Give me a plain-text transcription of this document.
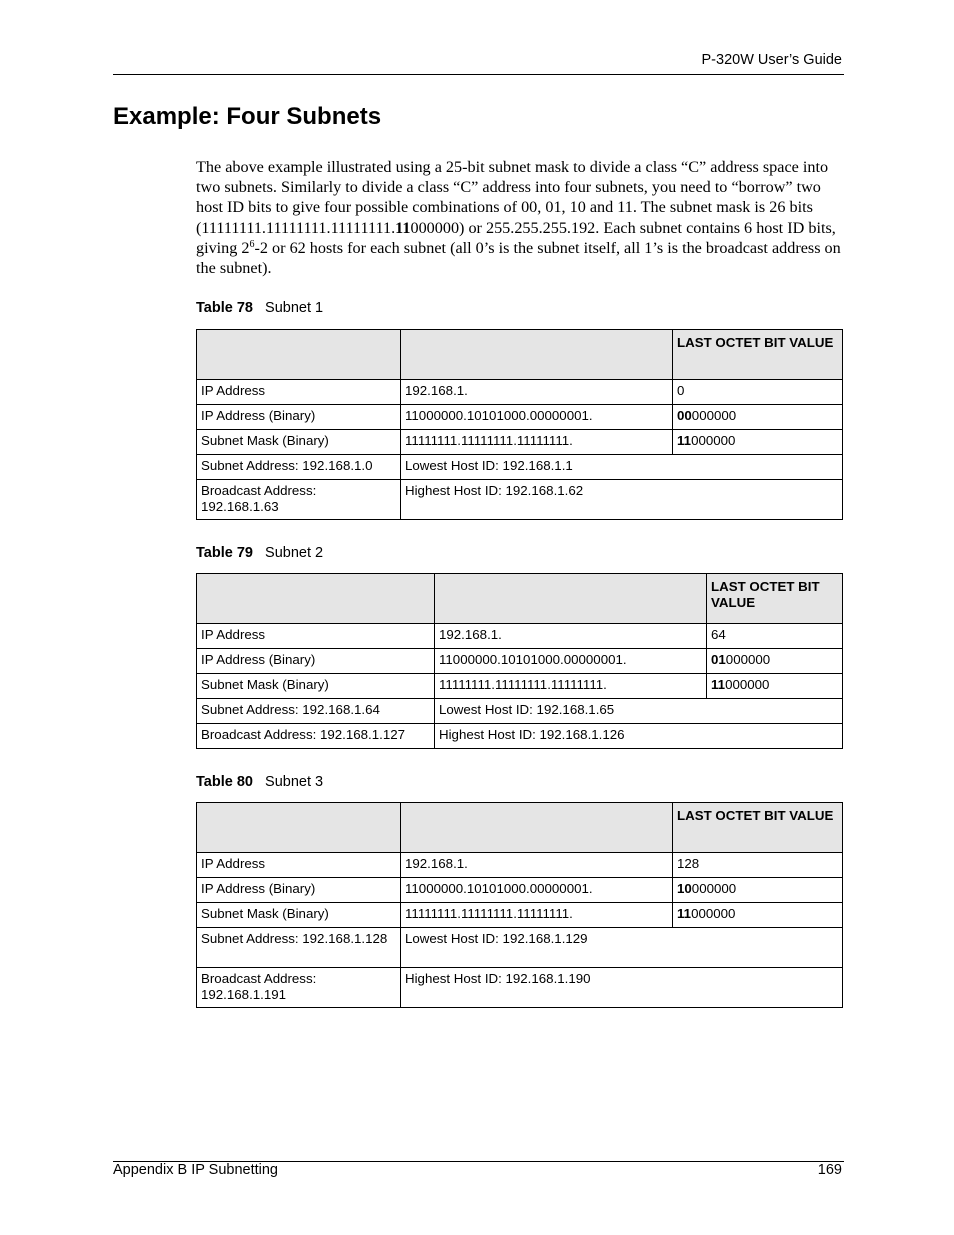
P-320W User’s Guide
Example: Four Subnets

The above example illustrated using a 25-bit subnet mask to divide a class “C” address space into two subnets. Similarly to divide a class “C” address into four subnets, you need to “borrow” two host ID bits to give four possible combinations of 00, 01, 10 and 11. The subnet mask is 26 bits (11111111.11111111.11111111.11000000) or 255.255.255.192. Each subnet contains 6 host ID bits, giving $2^6-2$ or 62 hosts for each subnet (all 0’s is the subnet itself, all 1’s is the broadcast address on the subnet).

Table 78 Subnet 1
		LAST OCTET BIT VALUE
IP Address	192.168.1.	0
IP Address (Binary)	11000000.10101000.00000001.	00000000
Subnet Mask (Binary)	11111111.11111111.11111111.	11000000
Subnet Address: 192.168.1.0	Lowest Host ID: 192.168.1.1	
Broadcast Address: 192.168.1.63	Highest Host ID: 192.168.1.62	
Table 79 Subnet 2
		LAST OCTET BIT VALUE
IP Address	192.168.1.	64
IP Address (Binary)	11000000.10101000.00000001.	01000000
Subnet Mask (Binary)	11111111.11111111.11111111.	11000000
Subnet Address: 192.168.1.64	Lowest Host ID: 192.168.1.65	
Broadcast Address: 192.168.1.127	Highest Host ID: 192.168.1.126	
Table 80 Subnet 3
		LAST OCTET BIT VALUE
IP Address	192.168.1.	128
IP Address (Binary)	11000000.10101000.00000001.	10000000
Subnet Mask (Binary)	11111111.11111111.11111111.	11000000
Subnet Address: 192.168.1.128	Lowest Host ID: 192.168.1.129	
Broadcast Address: 192.168.1.191	Highest Host ID: 192.168.1.190	
Appendix B IP Subnetting	169
